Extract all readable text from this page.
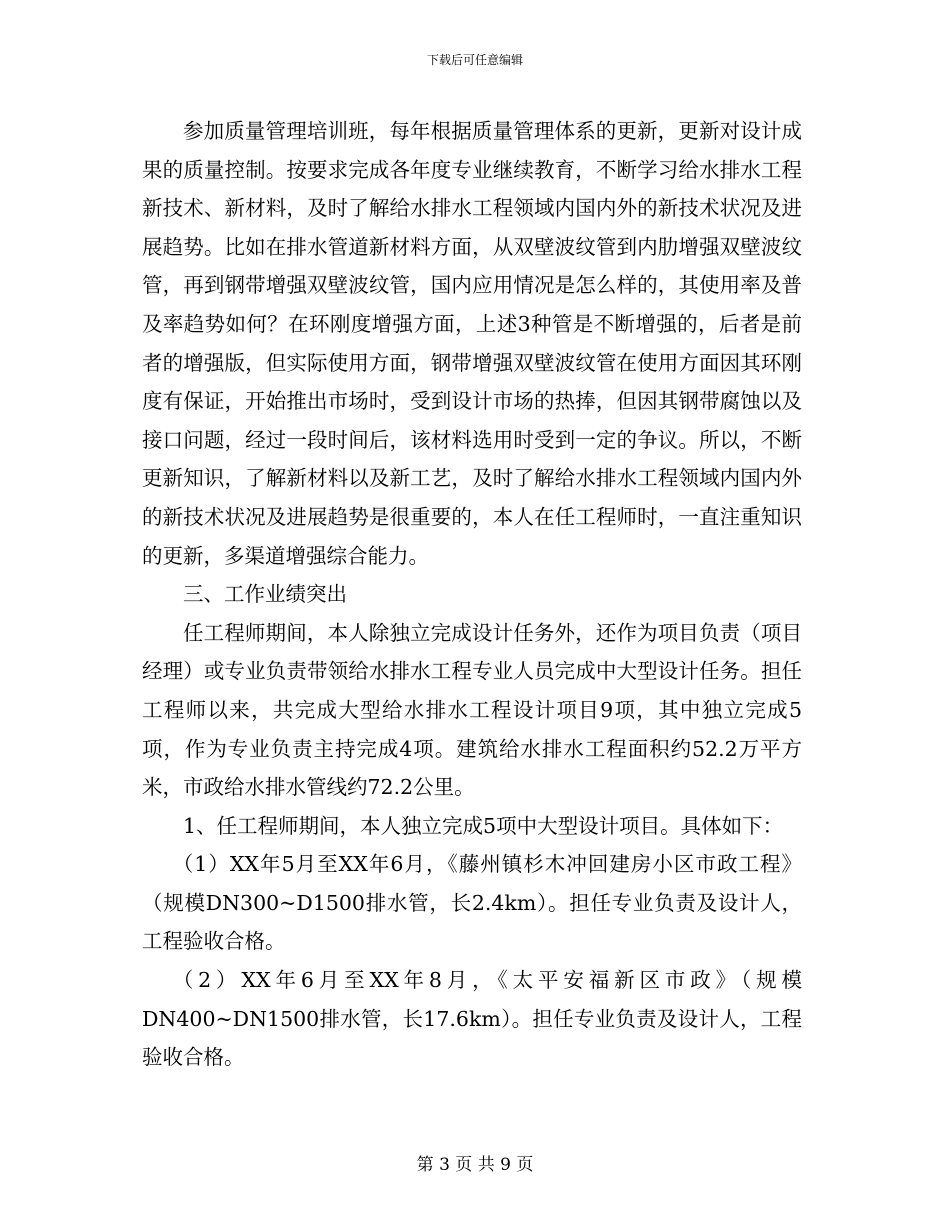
下载后可任意编辑

参加质量管理培训班，每年根据质量管理体系的更新，更新对设计成果的质量控制。按要求完成各年度专业继续教育，不断学习给水排水工程新技术、新材料，及时了解给水排水工程领域内国内外的新技术状况及进展趋势。比如在排水管道新材料方面，从双壁波纹管到内肋增强双壁波纹管，再到钢带增强双壁波纹管，国内应用情况是怎么样的，其使用率及普及率趋势如何？在环刚度增强方面，上述3种管是不断增强的，后者是前者的增强版，但实际使用方面，钢带增强双壁波纹管在使用方面因其环刚度有保证，开始推出市场时，受到设计市场的热捧，但因其钢带腐蚀以及接口问题，经过一段时间后，该材料选用时受到一定的争议。所以，不断更新知识，了解新材料以及新工艺，及时了解给水排水工程领域内国内外的新技术状况及进展趋势是很重要的，本人在任工程师时，一直注重知识的更新，多渠道增强综合能力。

三、工作业绩突出

任工程师期间，本人除独立完成设计任务外，还作为项目负责（项目经理）或专业负责带领给水排水工程专业人员完成中大型设计任务。担任工程师以来，共完成大型给水排水工程设计项目9项，其中独立完成5项，作为专业负责主持完成4项。建筑给水排水工程面积约52.2万平方米，市政给水排水管线约72.2公里。

1、任工程师期间，本人独立完成5项中大型设计项目。具体如下：

（1）XX年5月至XX年6月，《藤州镇杉木冲回建房小区市政工程》（规模DN300~D1500排水管，长2.4km）。担任专业负责及设计人，工程验收合格。

（2）XX年6月至XX年8月，《太平安福新区市政》（规模DN400~DN1500排水管，长17.6km）。担任专业负责及设计人，工程验收合格。

第 3 页 共 9 页
